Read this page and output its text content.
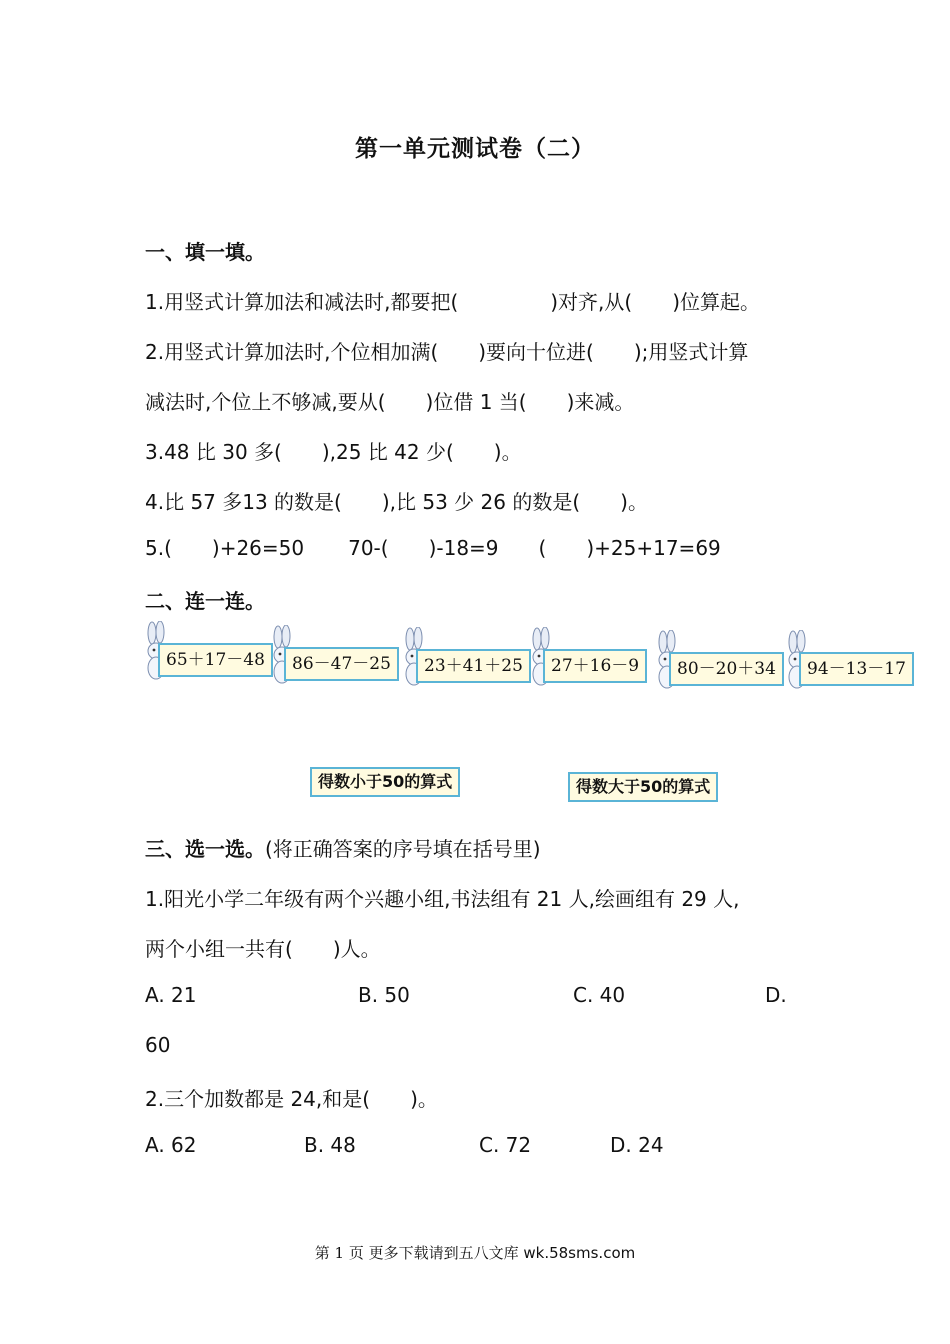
第一单元测试卷（二）
一、填一填。
1.用竖式计算加法和减法时,都要把(	)对齐,从( )位算起。
2.用竖式计算加法时,个位相加满( )要向十位进( );用竖式计算
减法时,个位上不够减,要从( )位借 1 当( )来减。
3.48 比 30 多( ),25 比 42 少( )。
4.比 57 多13 的数是( ),比 53 少 26 的数是( )。
5.( )+26=50 70-( )-18=9 ( )+25+17=69
二、连一连。
65＋17－48	86－47－25	23＋41＋25	27＋16－9	80－20＋34	94－13－17
得数小于50的算式	得数大于50的算式
三、选一选。(将正确答案的序号填在括号里)
1.阳光小学二年级有两个兴趣小组,书法组有 21 人,绘画组有 29 人,
两个小组一共有( )人。
A. 21	B. 50	C. 40	D.
60
2.三个加数都是 24,和是( )。
A. 62	B. 48	C. 72	D. 24
第 1 页 更多下载请到五八文库 wk.58sms.com
